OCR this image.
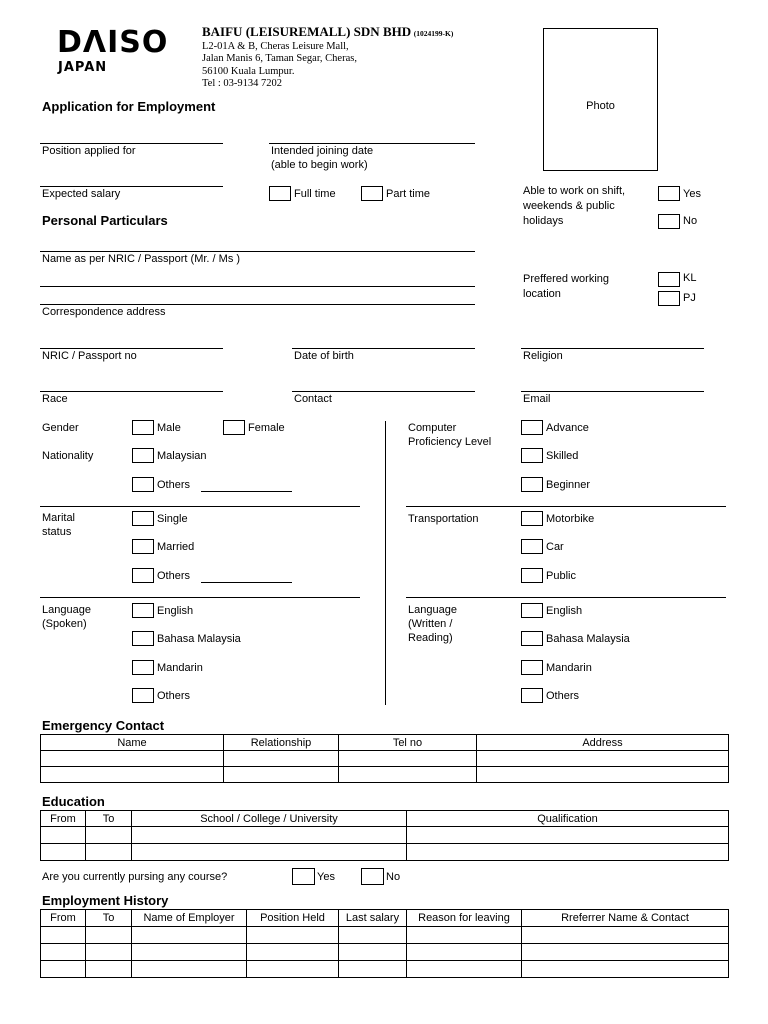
DΛISO
JAPAN
BAIFU (LEISUREMALL) SDN BHD (1024199-K)
L2-01A & B, Cheras Leisure Mall,
Jalan Manis 6, Taman Segar, Cheras,
56100 Kuala Lumpur.
Tel : 03-9134 7202
Photo
Application for Employment
Position applied for	Intended joining date
(able to begin work)
Expected salary	Full time	Part time	Able to work on shift, weekends & public holidays
Yes
No
Personal Particulars
Name as per NRIC / Passport (Mr. / Ms )
Preffered working location
KL
PJ
Correspondence address
NRIC / Passport no	Date of birth	Religion
Race	Contact	Email
Gender	Male	Female
Nationality	Malaysian
Others
Marital status
Single
Married
Others
Language (Spoken)
English
Bahasa Malaysia
Mandarin
Others
Computer Proficiency Level
Advance
Skilled
Beginner
Transportation	Motorbike
Car
Public
Language (Written / Reading)
English
Bahasa Malaysia
Mandarin
Others
Emergency Contact
Name	Relationship	Tel no	Address

Education
From	To	School / College / University	Qualification

Are you currently pursing any course?	Yes	No
Employment History
From	To	Name of Employer	Position Held	Last salary	Reason for leaving	Rreferrer Name & Contact
